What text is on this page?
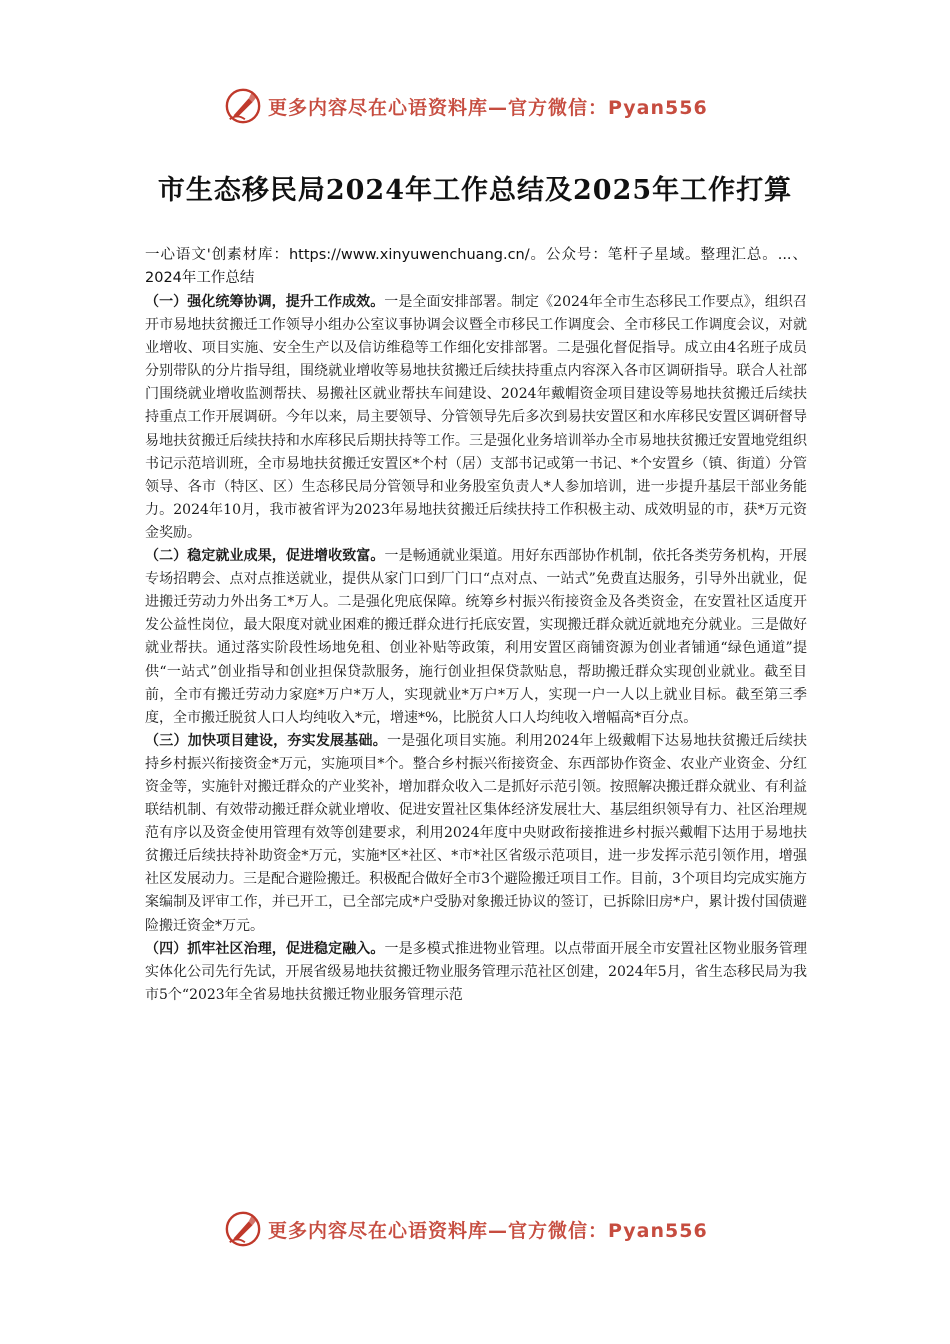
更多内容尽在心语资料库—官方微信：Pyan556
市生态移民局2024年工作总结及2025年工作打算

一心语文'创素材库：https://www.xinyuwenchuang.cn/。公众号：笔杆子星域。整理汇总。...、2024年工作总结

（一）强化统筹协调，提升工作成效。一是全面安排部署。制定《2024年全市生态移民工作要点》，组织召开市易地扶贫搬迁工作领导小组办公室议事协调会议暨全市移民工作调度会、全市移民工作调度会议，对就业增收、项目实施、安全生产以及信访维稳等工作细化安排部署。二是强化督促指导。成立由4名班子成员分别带队的分片指导组，围绕就业增收等易地扶贫搬迁后续扶持重点内容深入各市区调研指导。联合人社部门围绕就业增收监测帮扶、易搬社区就业帮扶车间建设、2024年戴帽资金项目建设等易地扶贫搬迁后续扶持重点工作开展调研。今年以来，局主要领导、分管领导先后多次到易扶安置区和水库移民安置区调研督导易地扶贫搬迁后续扶持和水库移民后期扶持等工作。三是强化业务培训举办全市易地扶贫搬迁安置地党组织书记示范培训班，全市易地扶贫搬迁安置区*个村（居）支部书记或第一书记、*个安置乡（镇、街道）分管领导、各市（特区、区）生态移民局分管领导和业务股室负责人*人参加培训，进一步提升基层干部业务能力。2024年10月，我市被省评为2023年易地扶贫搬迁后续扶持工作积极主动、成效明显的市，获*万元资金奖励。

（二）稳定就业成果，促进增收致富。一是畅通就业渠道。用好东西部协作机制，依托各类劳务机构，开展专场招聘会、点对点推送就业，提供从家门口到厂门口“点对点、一站式”免费直达服务，引导外出就业，促进搬迁劳动力外出务工*万人。二是强化兜底保障。统筹乡村振兴衔接资金及各类资金，在安置社区适度开发公益性岗位，最大限度对就业困难的搬迁群众进行托底安置，实现搬迁群众就近就地充分就业。三是做好就业帮扶。通过落实阶段性场地免租、创业补贴等政策，利用安置区商铺资源为创业者铺通“绿色通道”提供“一站式”创业指导和创业担保贷款服务，施行创业担保贷款贴息，帮助搬迁群众实现创业就业。截至目前，全市有搬迁劳动力家庭*万户*万人，实现就业*万户*万人，实现一户一人以上就业目标。截至第三季度，全市搬迁脱贫人口人均纯收入*元，增速*%，比脱贫人口人均纯收入增幅高*百分点。

（三）加快项目建设，夯实发展基础。一是强化项目实施。利用2024年上级戴帽下达易地扶贫搬迁后续扶持乡村振兴衔接资金*万元，实施项目*个。整合乡村振兴衔接资金、东西部协作资金、农业产业资金、分红资金等，实施针对搬迁群众的产业奖补，增加群众收入二是抓好示范引领。按照解决搬迁群众就业、有利益联结机制、有效带动搬迁群众就业增收、促进安置社区集体经济发展壮大、基层组织领导有力、社区治理规范有序以及资金使用管理有效等创建要求，利用2024年度中央财政衔接推进乡村振兴戴帽下达用于易地扶贫搬迁后续扶持补助资金*万元，实施*区*社区、*市*社区省级示范项目，进一步发挥示范引领作用，增强社区发展动力。三是配合避险搬迁。积极配合做好全市3个避险搬迁项目工作。目前，3个项目均完成实施方案编制及评审工作，并已开工，已全部完成*户受胁对象搬迁协议的签订，已拆除旧房*户，累计拨付国债避险搬迁资金*万元。

（四）抓牢社区治理，促进稳定融入。一是多模式推进物业管理。以点带面开展全市安置社区物业服务管理实体化公司先行先试，开展省级易地扶贫搬迁物业服务管理示范社区创建，2024年5月，省生态移民局为我市5个“2023年全省易地扶贫搬迁物业服务管理示范

更多内容尽在心语资料库—官方微信：Pyan556
